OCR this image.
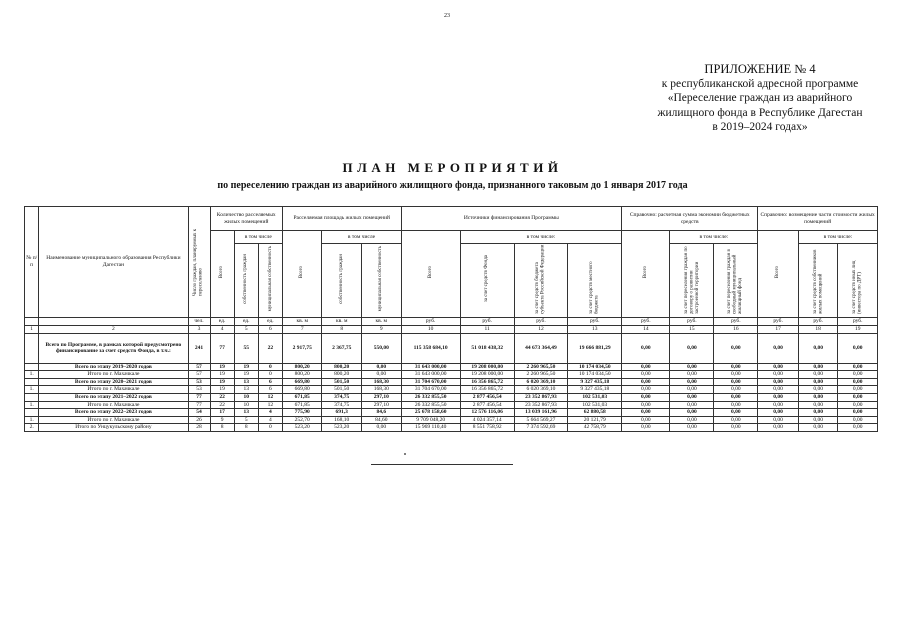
23
ПРИЛОЖЕНИЕ № 4
к республиканской адресной программе
«Переселение граждан из аварийного
жилищного фонда в Республике Дагестан
в 2019–2024 годах»
ПЛАН МЕРОПРИЯТИЙ
по переселению граждан из аварийного жилищного фонда, признанного таковым до 1 января 2017 года
№ п/п	Наименование муниципального образования Республики Дагестан	Число граждан, планируемых к переселению	Количество расселяемых жилых помещений			Расселяемая площадь жилых помещений			Источники финансирования Программы				Справочно: расчетная сумма экономии бюджетных средств			Справочно: возмещение части стоимости жилых помещений		
			Всего	в том числе		Всего	в том числе		Всего	в том числе:			Всего	в том числе:		Всего	в том числе:	
				собственность граждан	муниципальная собственность		собственность граждан	муниципальная собственность		за счет средств Фонда	за счет средств бюджета субъекта Российской Федерации	за счет средств местного бюджета		за счет переселения граждан по договору о развитии застроенной территории	за счет переселения граждан в свободный муниципальный жилищный фонд		за счет средств собственников жилых помещений	за счет средств иных лиц (инвестора по ДРТ)
		чел.	ед.	ед.	ед.	кв. м	кв. м	кв. м	руб.	руб.	руб.	руб.	руб.	руб.	руб.	руб.	руб.	руб.
1	2	3	4	5	6	7	8	9	10	11	12	13	14	15	16	17	18	19
	Всего по Программе, в рамках которой предусмотрено финансирование за счет средств Фонда, в т.ч.:	241	77	55	22	2 917,75	2 367,75	550,00	115 358 684,10	51 018 438,32	44 673 364,49	19 666 881,29	0,00	0,00	0,00	0,00	0,00	0,00
	Всего по этапу 2019–2020 годов	57	19	19	0	800,20	800,20	0,00	31 643 000,00	19 208 000,00	2 260 965,50	10 174 034,50	0,00	0,00	0,00	0,00	0,00	0,00
1.	Итого по г. Махачкале	57	19	19	0	800,20	800,20	0,00	31 643 000,00	19 208 000,00	2 260 965,50	10 174 034,50	0,00	0,00	0,00	0,00	0,00	0,00
	Всего по этапу 2020–2021 годов	53	19	13	6	669,80	501,50	168,30	31 704 670,00	16 356 865,72	6 020 369,10	9 327 435,18	0,00	0,00	0,00	0,00	0,00	0,00
1.	Итого по г. Махачкале	53	19	13	6	669,80	501,50	168,30	31 704 670,00	16 356 865,72	6 020 369,10	9 327 435,18	0,00	0,00	0,00	0,00	0,00	0,00
	Всего по этапу 2021–2022 годов	77	22	10	12	671,85	374,75	297,10	26 332 855,50	2 877 456,54	23 352 867,93	102 531,03	0,00	0,00	0,00	0,00	0,00	0,00
1.	Итого по г. Махачкале	77	22	10	12	671,85	374,75	297,10	26 332 855,50	2 877 456,54	23 352 867,93	102 531,03	0,00	0,00	0,00	0,00	0,00	0,00
	Всего по этапу 2022–2023 годов	54	17	13	4	775,90	691,3	84,6	25 678 158,60	12 576 116,06	13 039 161,96	62 880,58	0,00	0,00	0,00	0,00	0,00	0,00
1.	Итого по г. Махачкале	26	9	5	4	252,70	168,10	84,60	9 709 048,20	4 024 357,14	5 664 569,27	20 121,79	0,00	0,00	0,00	0,00	0,00	0,00
2.	Итого по Унцукульскому району	28	8	8	0	523,20	523,20	0,00	15 969 110,40	8 551 758,92	7 374 592,69	42 758,79	0,00	0,00	0,00	0,00	0,00	0,00
